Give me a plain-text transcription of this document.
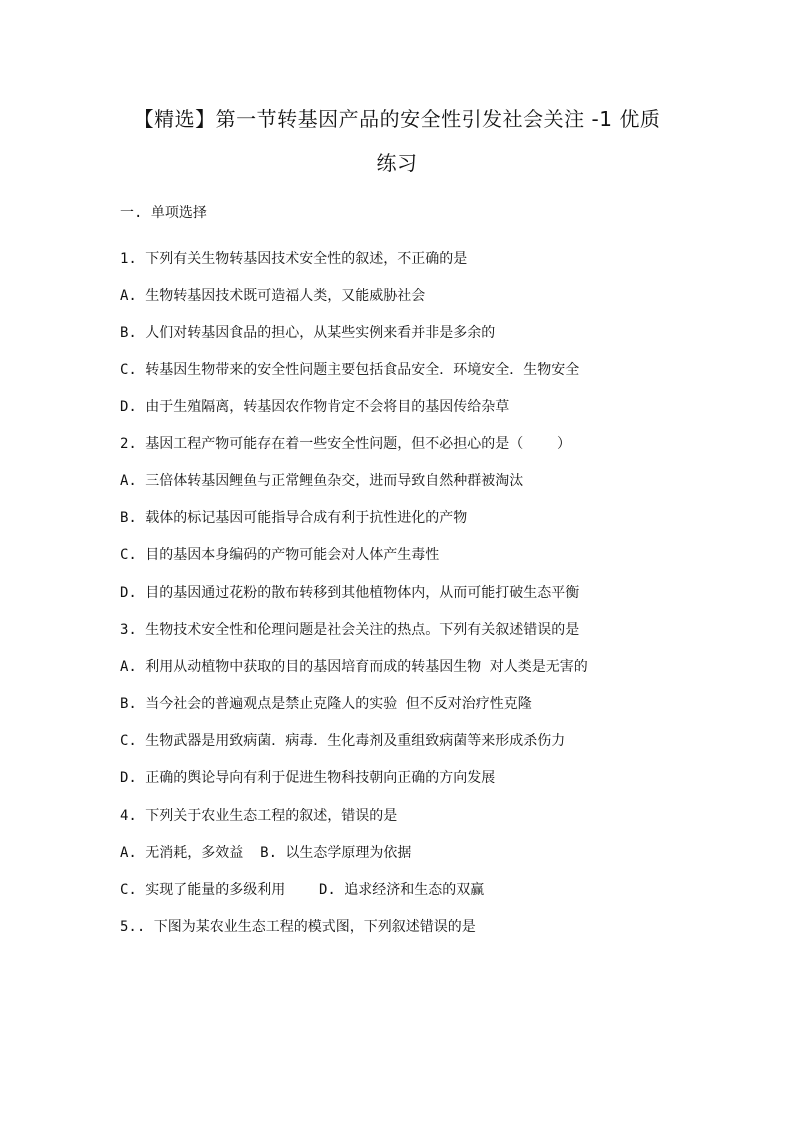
【精选】第一节转基因产品的安全性引发社会关注 -1 优质
练习
一. 单项选择
1. 下列有关生物转基因技术安全性的叙述，不正确的是
A. 生物转基因技术既可造福人类，又能威胁社会
B. 人们对转基因食品的担心，从某些实例来看并非是多余的
C. 转基因生物带来的安全性问题主要包括食品安全．环境安全．生物安全
D. 由于生殖隔离，转基因农作物肯定不会将目的基因传给杂草
2. 基因工程产物可能存在着一些安全性问题，但不必担心的是（    ）
A. 三倍体转基因鲤鱼与正常鲤鱼杂交，进而导致自然种群被淘汰
B. 载体的标记基因可能指导合成有利于抗性进化的产物
C. 目的基因本身编码的产物可能会对人体产生毒性
D. 目的基因通过花粉的散布转移到其他植物体内，从而可能打破生态平衡
3. 生物技术安全性和伦理问题是社会关注的热点。下列有关叙述错误的是
A. 利用从动植物中获取的目的基因培育而成的转基因生物 对人类是无害的
B. 当今社会的普遍观点是禁止克隆人的实验 但不反对治疗性克隆
C. 生物武器是用致病菌．病毒．生化毒剂及重组致病菌等来形成杀伤力
D. 正确的舆论导向有利于促进生物科技朝向正确的方向发展
4. 下列关于农业生态工程的叙述，错误的是
A. 无消耗，多效益  B. 以生态学原理为依据
C. 实现了能量的多级利用    D. 追求经济和生态的双赢
5.. 下图为某农业生态工程的模式图，下列叙述错误的是
